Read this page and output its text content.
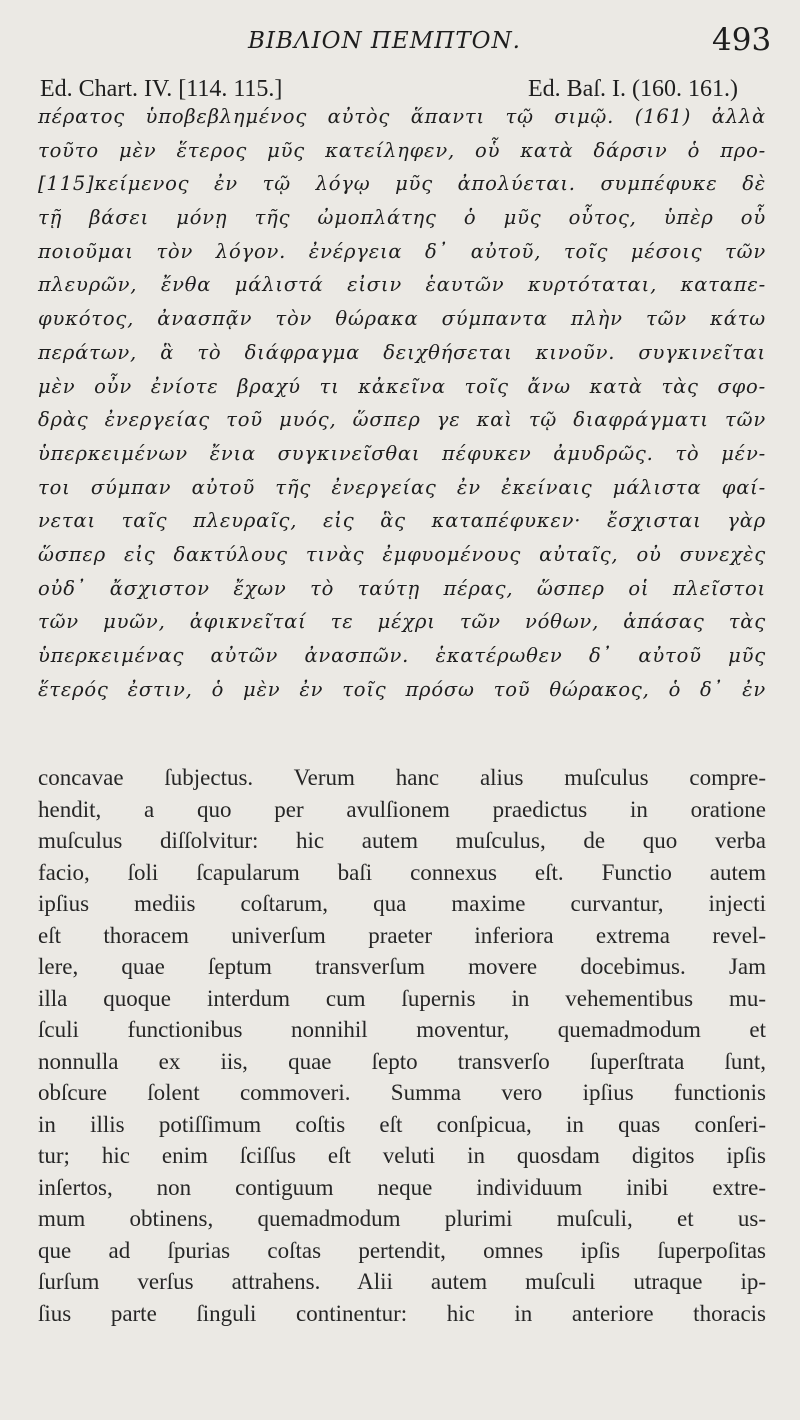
ΒΙΒΛΙΟΝ ΠΕΜΠΤΟΝ.	493
Ed. Chart. IV. [114. 115.]	Ed. Baſ. I. (160. 161.)
πέρατος ὑποβεβλημένος αὐτὸς ἅπαντι τῷ σιμῷ. (161) ἀλλὰ
τοῦτο μὲν ἕτερος μῦς κατείληφεν, οὗ κατὰ δάρσιν ὁ προ-
[115]κείμενος ἐν τῷ λόγῳ μῦς ἀπολύεται. συμπέφυκε δὲ
τῇ βάσει μόνῃ τῆς ὠμοπλάτης ὁ μῦς οὗτος, ὑπὲρ οὗ
ποιοῦμαι τὸν λόγον. ἐνέργεια δ᾽ αὐτοῦ, τοῖς μέσοις τῶν
πλευρῶν, ἔνθα μάλιστά εἰσιν ἑαυτῶν κυρτόταται, καταπε-
φυκότος, ἀνασπᾷν τὸν θώρακα σύμπαντα πλὴν τῶν κάτω
περάτων, ἃ τὸ διάφραγμα δειχθήσεται κινοῦν. συγκινεῖται
μὲν οὖν ἐνίοτε βραχύ τι κἀκεῖνα τοῖς ἄνω κατὰ τὰς σφο-
δρὰς ἐνεργείας τοῦ μυός, ὥσπερ γε καὶ τῷ διαφράγματι τῶν
ὑπερκειμένων ἔνια συγκινεῖσθαι πέφυκεν ἀμυδρῶς. τὸ μέν-
τοι σύμπαν αὐτοῦ τῆς ἐνεργείας ἐν ἐκείναις μάλιστα φαί-
νεται ταῖς πλευραῖς, εἰς ἃς καταπέφυκεν· ἔσχισται γὰρ
ὥσπερ εἰς δακτύλους τινὰς ἐμφυομένους αὐταῖς, οὐ συνεχὲς
οὐδ᾽ ἄσχιστον ἔχων τὸ ταύτῃ πέρας, ὥσπερ οἱ πλεῖστοι
τῶν μυῶν, ἀφικνεῖταί τε μέχρι τῶν νόθων, ἁπάσας τὰς
ὑπερκειμένας αὐτῶν ἀνασπῶν. ἑκατέρωθεν δ᾽ αὐτοῦ μῦς
ἕτερός ἐστιν, ὁ μὲν ἐν τοῖς πρόσω τοῦ θώρακος, ὁ δ᾽ ἐν
concavae ſubjectus. Verum hanc alius muſculus compre-
hendit, a quo per avulſionem praedictus in oratione
muſculus diſſolvitur: hic autem muſculus, de quo verba
facio, ſoli ſcapularum baſi connexus eſt. Functio autem
ipſius mediis coſtarum, qua maxime curvantur, injecti
eſt thoracem univerſum praeter inferiora extrema revel-
lere, quae ſeptum transverſum movere docebimus. Jam
illa quoque interdum cum ſupernis in vehementibus mu-
ſculi functionibus nonnihil moventur, quemadmodum et
nonnulla ex iis, quae ſepto transverſo ſuperſtrata ſunt,
obſcure ſolent commoveri. Summa vero ipſius functionis
in illis potiſſimum coſtis eſt conſpicua, in quas conſeri-
tur; hic enim ſciſſus eſt veluti in quosdam digitos ipſis
inſertos, non contiguum neque individuum inibi extre-
mum obtinens, quemadmodum plurimi muſculi, et us-
que ad ſpurias coſtas pertendit, omnes ipſis ſuperpoſitas
ſurſum verſus attrahens. Alii autem muſculi utraque ip-
ſius parte ſinguli continentur: hic in anteriore thoracis
